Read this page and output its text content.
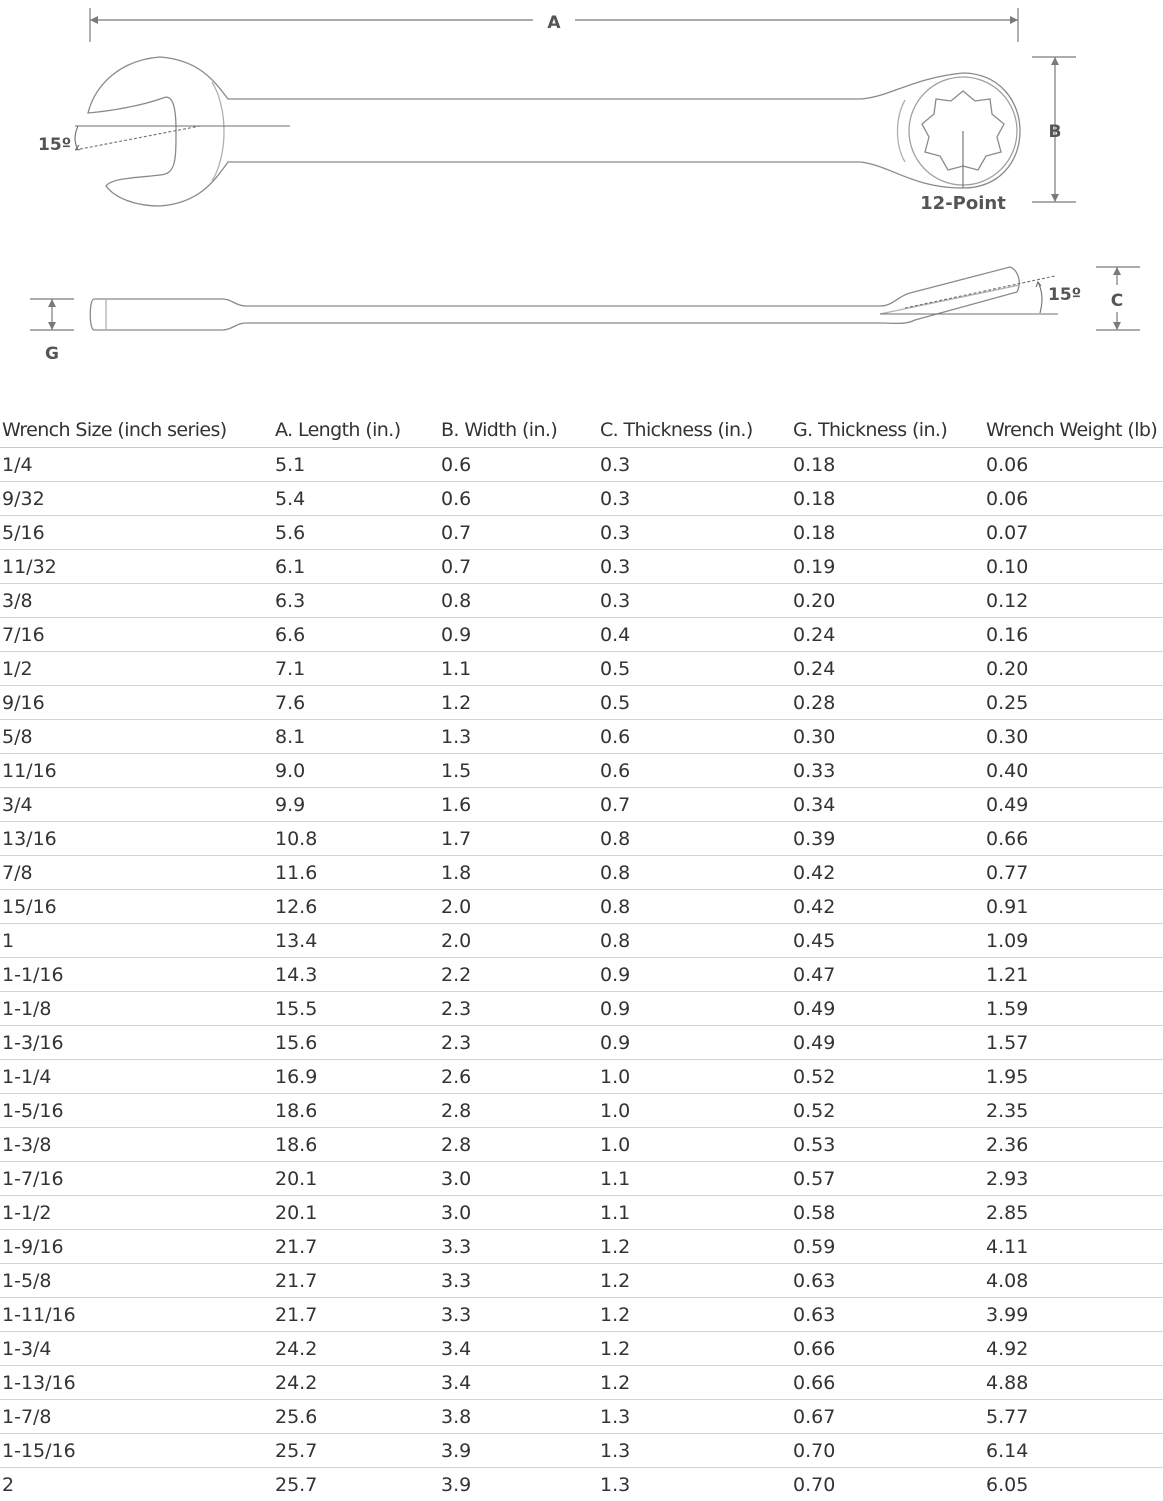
A
15º
B
12-Point
15º C
G
Wrench Size (inch series)	A. Length (in.)	B. Width (in.)	C. Thickness (in.)	G. Thickness (in.)	Wrench Weight (lb)
1/4	5.1	0.6	0.3	0.18	0.06
9/32	5.4	0.6	0.3	0.18	0.06
5/16	5.6	0.7	0.3	0.18	0.07
11/32	6.1	0.7	0.3	0.19	0.10
3/8	6.3	0.8	0.3	0.20	0.12
7/16	6.6	0.9	0.4	0.24	0.16
1/2	7.1	1.1	0.5	0.24	0.20
9/16	7.6	1.2	0.5	0.28	0.25
5/8	8.1	1.3	0.6	0.30	0.30
11/16	9.0	1.5	0.6	0.33	0.40
3/4	9.9	1.6	0.7	0.34	0.49
13/16	10.8	1.7	0.8	0.39	0.66
7/8	11.6	1.8	0.8	0.42	0.77
15/16	12.6	2.0	0.8	0.42	0.91
1	13.4	2.0	0.8	0.45	1.09
1-1/16	14.3	2.2	0.9	0.47	1.21
1-1/8	15.5	2.3	0.9	0.49	1.59
1-3/16	15.6	2.3	0.9	0.49	1.57
1-1/4	16.9	2.6	1.0	0.52	1.95
1-5/16	18.6	2.8	1.0	0.52	2.35
1-3/8	18.6	2.8	1.0	0.53	2.36
1-7/16	20.1	3.0	1.1	0.57	2.93
1-1/2	20.1	3.0	1.1	0.58	2.85
1-9/16	21.7	3.3	1.2	0.59	4.11
1-5/8	21.7	3.3	1.2	0.63	4.08
1-11/16	21.7	3.3	1.2	0.63	3.99
1-3/4	24.2	3.4	1.2	0.66	4.92
1-13/16	24.2	3.4	1.2	0.66	4.88
1-7/8	25.6	3.8	1.3	0.67	5.77
1-15/16	25.7	3.9	1.3	0.70	6.14
2	25.7	3.9	1.3	0.70	6.05
